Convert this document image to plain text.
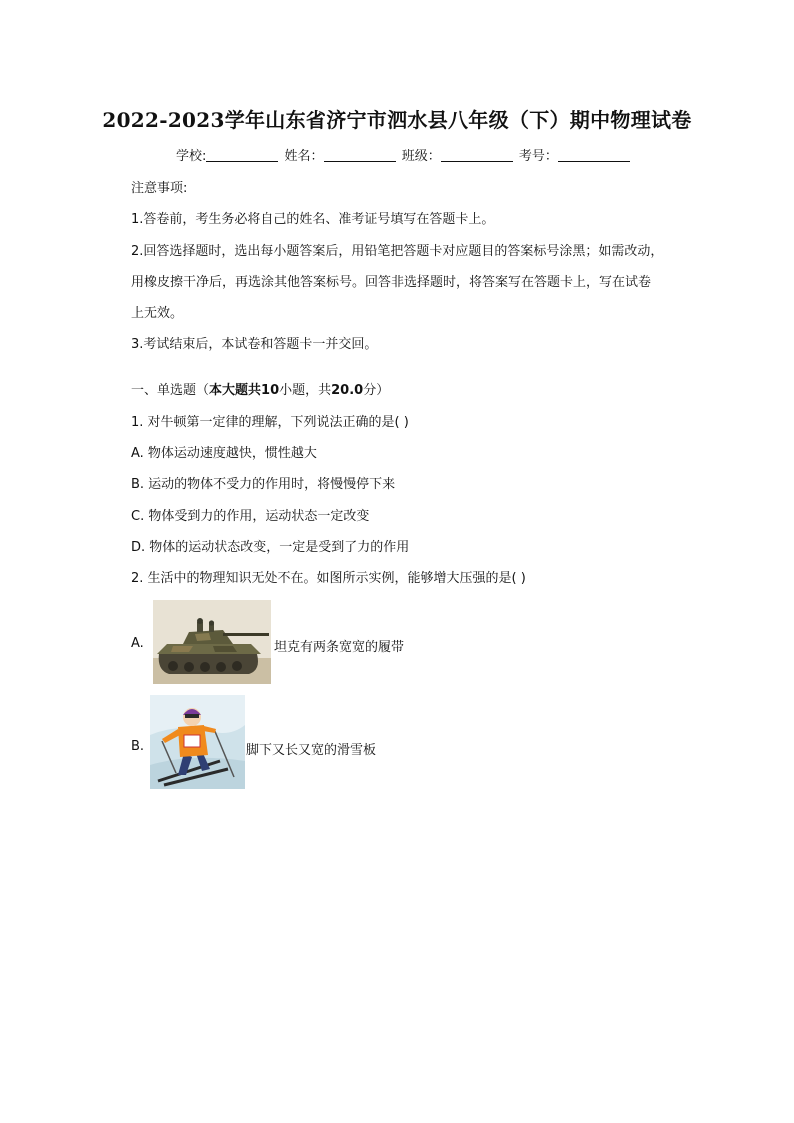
2022-2023学年山东省济宁市泗水县八年级（下）期中物理试卷
学校:	姓名：	班级：	考号：
注意事项:
1.答卷前，考生务必将自己的姓名、准考证号填写在答题卡上。
2.回答选择题时，选出每小题答案后，用铅笔把答题卡对应题目的答案标号涂黑；如需改动，
用橡皮擦干净后，再选涂其他答案标号。回答非选择题时，将答案写在答题卡上，写在试卷
上无效。
3.考试结束后，本试卷和答题卡一并交回。
一、单选题（本大题共10小题，共20.0分）
1. 对牛顿第一定律的理解，下列说法正确的是( )
A. 物体运动速度越快，惯性越大
B. 运动的物体不受力的作用时，将慢慢停下来
C. 物体受到力的作用，运动状态一定改变
D. 物体的运动状态改变，一定是受到了力的作用
2. 生活中的物理知识无处不在。如图所示实例，能够增大压强的是( )
A.	坦克有两条宽宽的履带
B.	脚下又长又宽的滑雪板
